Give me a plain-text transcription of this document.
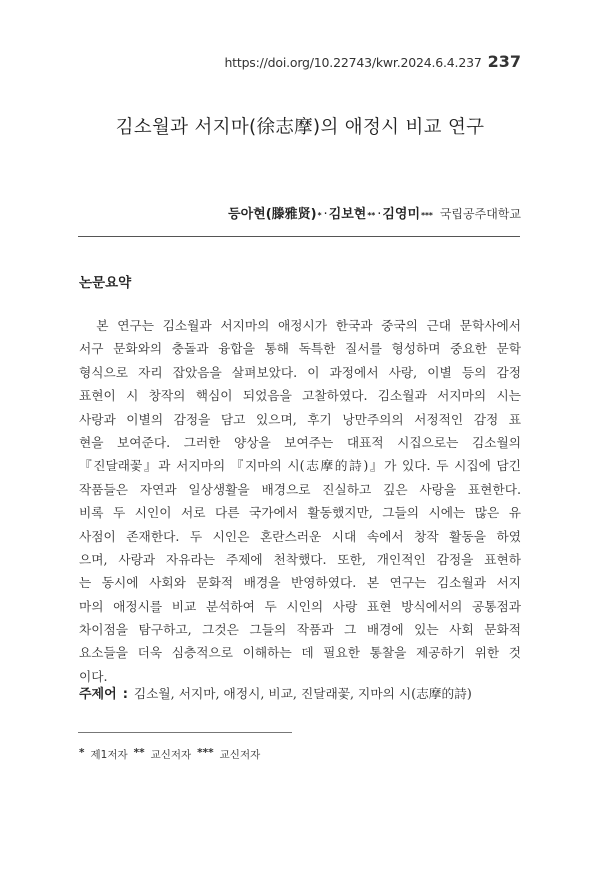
https://doi.org/10.22743/kwr.2024.6.4.237 237
김소월과 서지마(徐志摩)의 애정시 비교 연구
등아현(滕雅贤) * · 김보현 ** · 김영미 *** 국립공주대학교
논문요약
　본 연구는 김소월과 서지마의 애정시가 한국과 중국의 근대 문학사에서
서구 문화와의 충돌과 융합을 통해 독특한 질서를 형성하며 중요한 문학
형식으로 자리 잡았음을 살펴보았다. 이 과정에서 사랑, 이별 등의 감정
표현이 시 창작의 핵심이 되었음을 고찰하였다. 김소월과 서지마의 시는
사랑과 이별의 감정을 담고 있으며, 후기 낭만주의의 서정적인 감정 표
현을 보여준다. 그러한 양상을 보여주는 대표적 시집으로는 김소월의
『진달래꽃』과 서지마의 『지마의 시(志摩的詩)』가 있다. 두 시집에 담긴
작품들은 자연과 일상생활을 배경으로 진실하고 깊은 사랑을 표현한다.
비록 두 시인이 서로 다른 국가에서 활동했지만, 그들의 시에는 많은 유
사점이 존재한다. 두 시인은 혼란스러운 시대 속에서 창작 활동을 하였
으며, 사랑과 자유라는 주제에 천착했다. 또한, 개인적인 감정을 표현하
는 동시에 사회와 문화적 배경을 반영하였다. 본 연구는 김소월과 서지
마의 애정시를 비교 분석하여 두 시인의 사랑 표현 방식에서의 공통점과
차이점을 탐구하고, 그것은 그들의 작품과 그 배경에 있는 사회 문화적
요소들을 더욱 심층적으로 이해하는 데 필요한 통찰을 제공하기 위한 것
이다.
주제어 : 김소월, 서지마, 애정시, 비교, 진달래꽃, 지마의 시(志摩的詩)
* 제1저자 ** 교신저자 *** 교신저자
